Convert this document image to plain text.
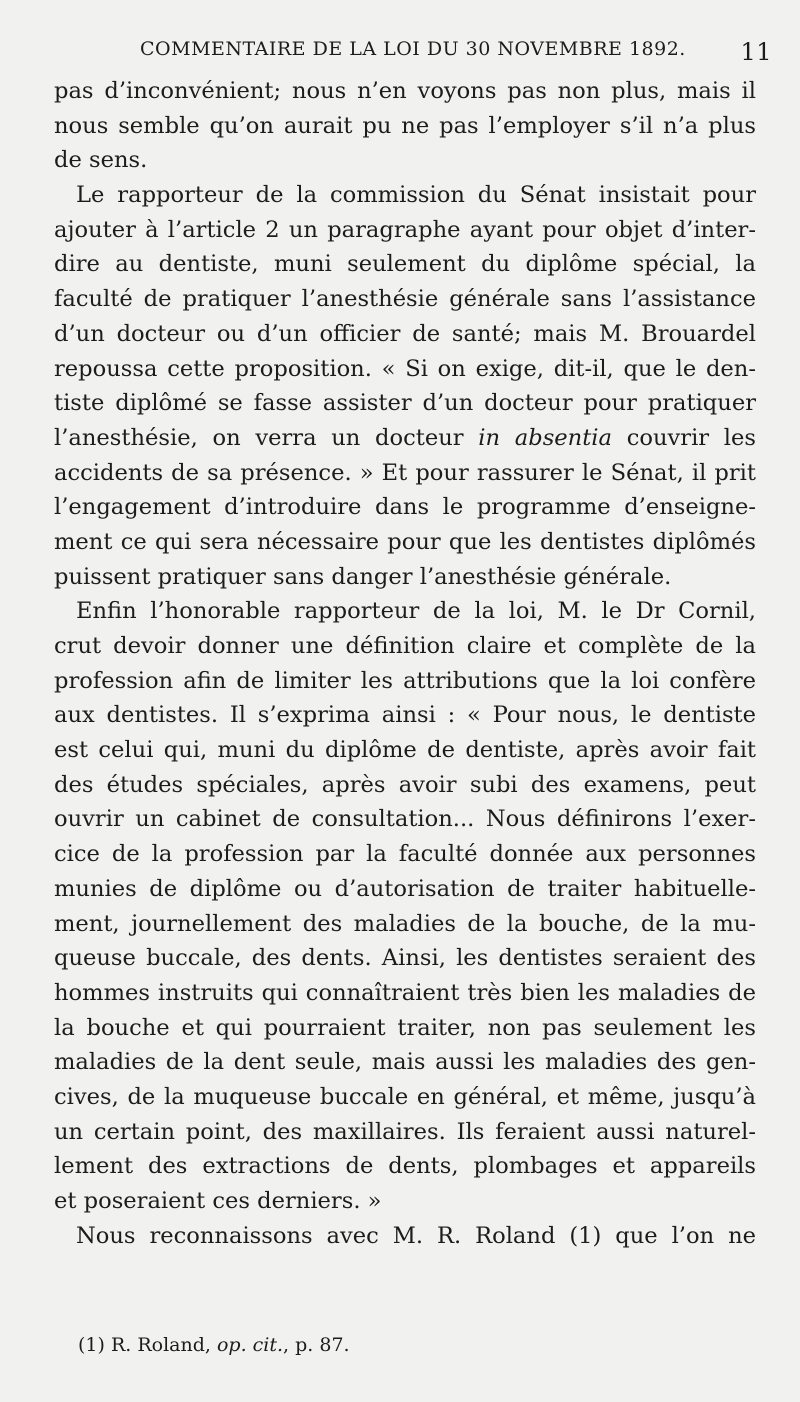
COMMENTAIRE DE LA LOI DU 30 NOVEMBRE 1892. 11
pas d’inconvénient; nous n’en voyons pas non plus, mais il
nous semble qu’on aurait pu ne pas l’employer s’il n’a plus
de sens.
Le rapporteur de la commission du Sénat insistait pour
ajouter à l’article 2 un paragraphe ayant pour objet d’inter-
dire au dentiste, muni seulement du diplôme spécial, la
faculté de pratiquer l’anesthésie générale sans l’assistance
d’un docteur ou d’un officier de santé; mais M. Brouardel
repoussa cette proposition. « Si on exige, dit-il, que le den-
tiste diplômé se fasse assister d’un docteur pour pratiquer
l’anesthésie, on verra un docteur in absentia couvrir les
accidents de sa présence. » Et pour rassurer le Sénat, il prit
l’engagement d’introduire dans le programme d’enseigne-
ment ce qui sera nécessaire pour que les dentistes diplômés
puissent pratiquer sans danger l’anesthésie générale.
Enfin l’honorable rapporteur de la loi, M. le Dr Cornil,
crut devoir donner une définition claire et complète de la
profession afin de limiter les attributions que la loi confère
aux dentistes. Il s’exprima ainsi : « Pour nous, le dentiste
est celui qui, muni du diplôme de dentiste, après avoir fait
des études spéciales, après avoir subi des examens, peut
ouvrir un cabinet de consultation... Nous définirons l’exer-
cice de la profession par la faculté donnée aux personnes
munies de diplôme ou d’autorisation de traiter habituelle-
ment, journellement des maladies de la bouche, de la mu-
queuse buccale, des dents. Ainsi, les dentistes seraient des
hommes instruits qui connaîtraient très bien les maladies de
la bouche et qui pourraient traiter, non pas seulement les
maladies de la dent seule, mais aussi les maladies des gen-
cives, de la muqueuse buccale en général, et même, jusqu’à
un certain point, des maxillaires. Ils feraient aussi naturel-
lement des extractions de dents, plombages et appareils
et poseraient ces derniers. »
Nous reconnaissons avec M. R. Roland (1) que l’on ne
(1) R. Roland, op. cit., p. 87.
